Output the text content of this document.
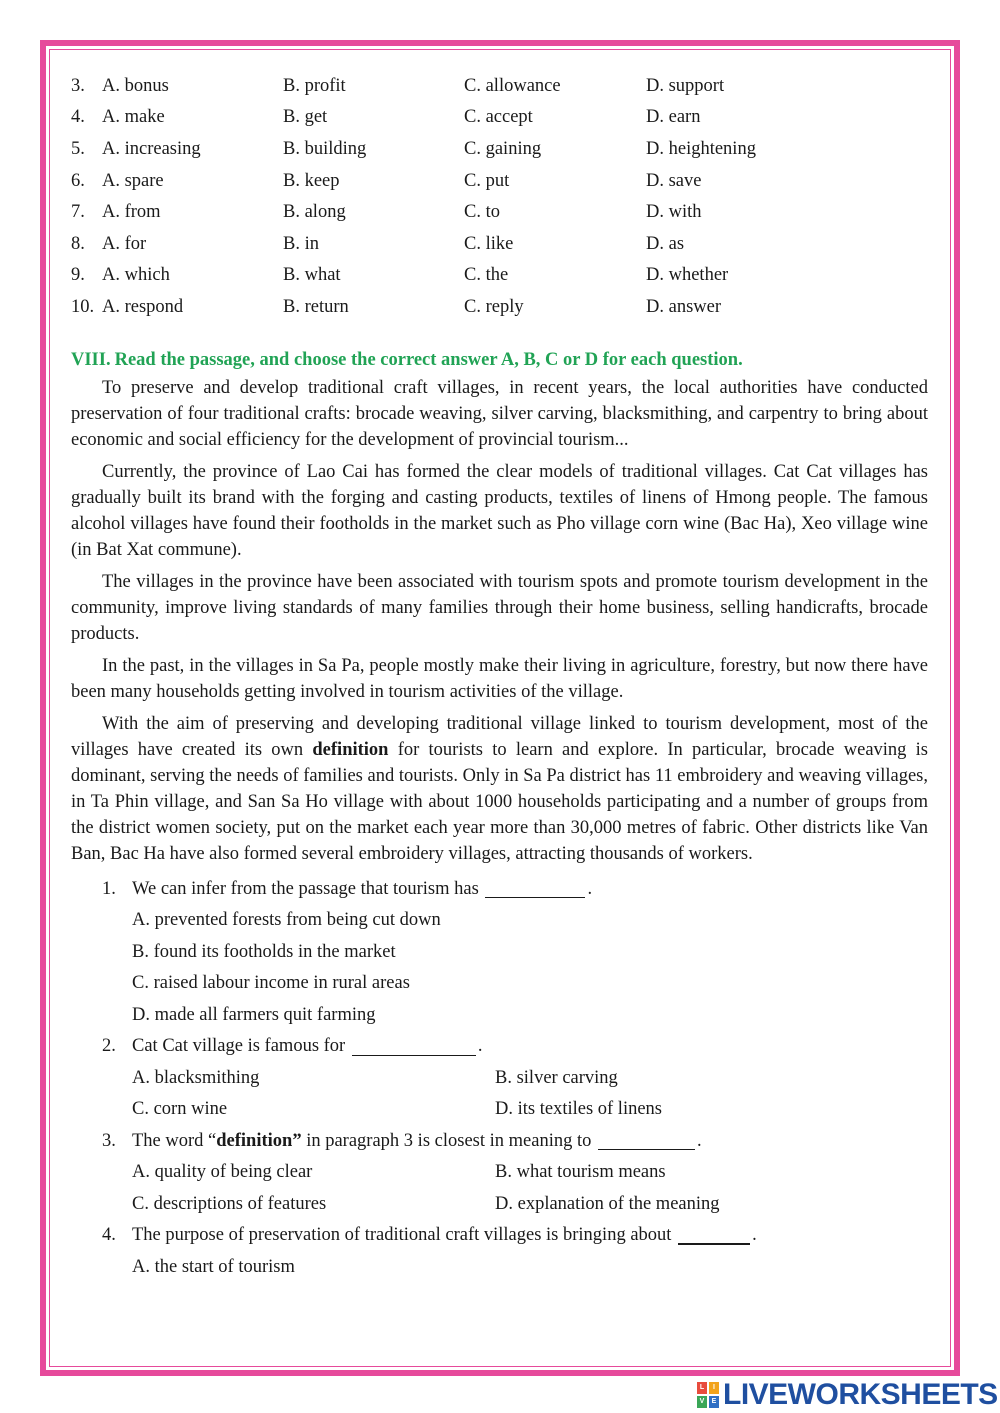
3. A. bonus	B. profit	C. allowance	D. support
4. A. make	B. get	C. accept	D. earn
5. A. increasing	B. building	C. gaining	D. heightening
6. A. spare	B. keep	C. put	D. save
7. A. from	B. along	C. to	D. with
8. A. for	B. in	C. like	D. as
9. A. which	B. what	C. the	D. whether
10. A. respond	B. return	C. reply	D. answer
VIII. Read the passage, and choose the correct answer A, B, C or D for each question.

To preserve and develop traditional craft villages, in recent years, the local authorities have conducted preservation of four traditional crafts: brocade weaving, silver carving, blacksmithing, and carpentry to bring about economic and social efficiency for the development of provincial tourism...

Currently, the province of Lao Cai has formed the clear models of traditional villages. Cat Cat villages has gradually built its brand with the forging and casting products, textiles of linens of Hmong people. The famous alcohol villages have found their footholds in the market such as Pho village corn wine (Bac Ha), Xeo village wine (in Bat Xat commune).

The villages in the province have been associated with tourism spots and promote tourism development in the community, improve living standards of many families through their home business, selling handicrafts, brocade products.

In the past, in the villages in Sa Pa, people mostly make their living in agriculture, forestry, but now there have been many households getting involved in tourism activities of the village.

With the aim of preserving and developing traditional village linked to tourism development, most of the villages have created its own definition for tourists to learn and explore. In particular, brocade weaving is dominant, serving the needs of families and tourists. Only in Sa Pa district has 11 embroidery and weaving villages, in Ta Phin village, and San Sa Ho village with about 1000 households participating and a number of groups from the district women society, put on the market each year more than 30,000 metres of fabric. Other districts like Van Ban, Bac Ha have also formed several embroidery villages, attracting thousands of workers.

1. We can infer from the passage that tourism has
	.
A. prevented forests from being cut down
B. found its footholds in the market
C. raised labour income in rural areas
D. made all farmers quit farming
2. Cat Cat village is famous for
	.
A. blacksmithing	B. silver carving
C. corn wine	D. its textiles of linens
3. The word “definition” in paragraph 3 is closest in meaning to
	.
A. quality of being clear	B. what tourism means
C. descriptions of features	D. explanation of the meaning
4. The purpose of preservation of traditional craft villages is bringing about
	.
A. the start of tourism
L	I
V	E LIVEWORKSHEETS
